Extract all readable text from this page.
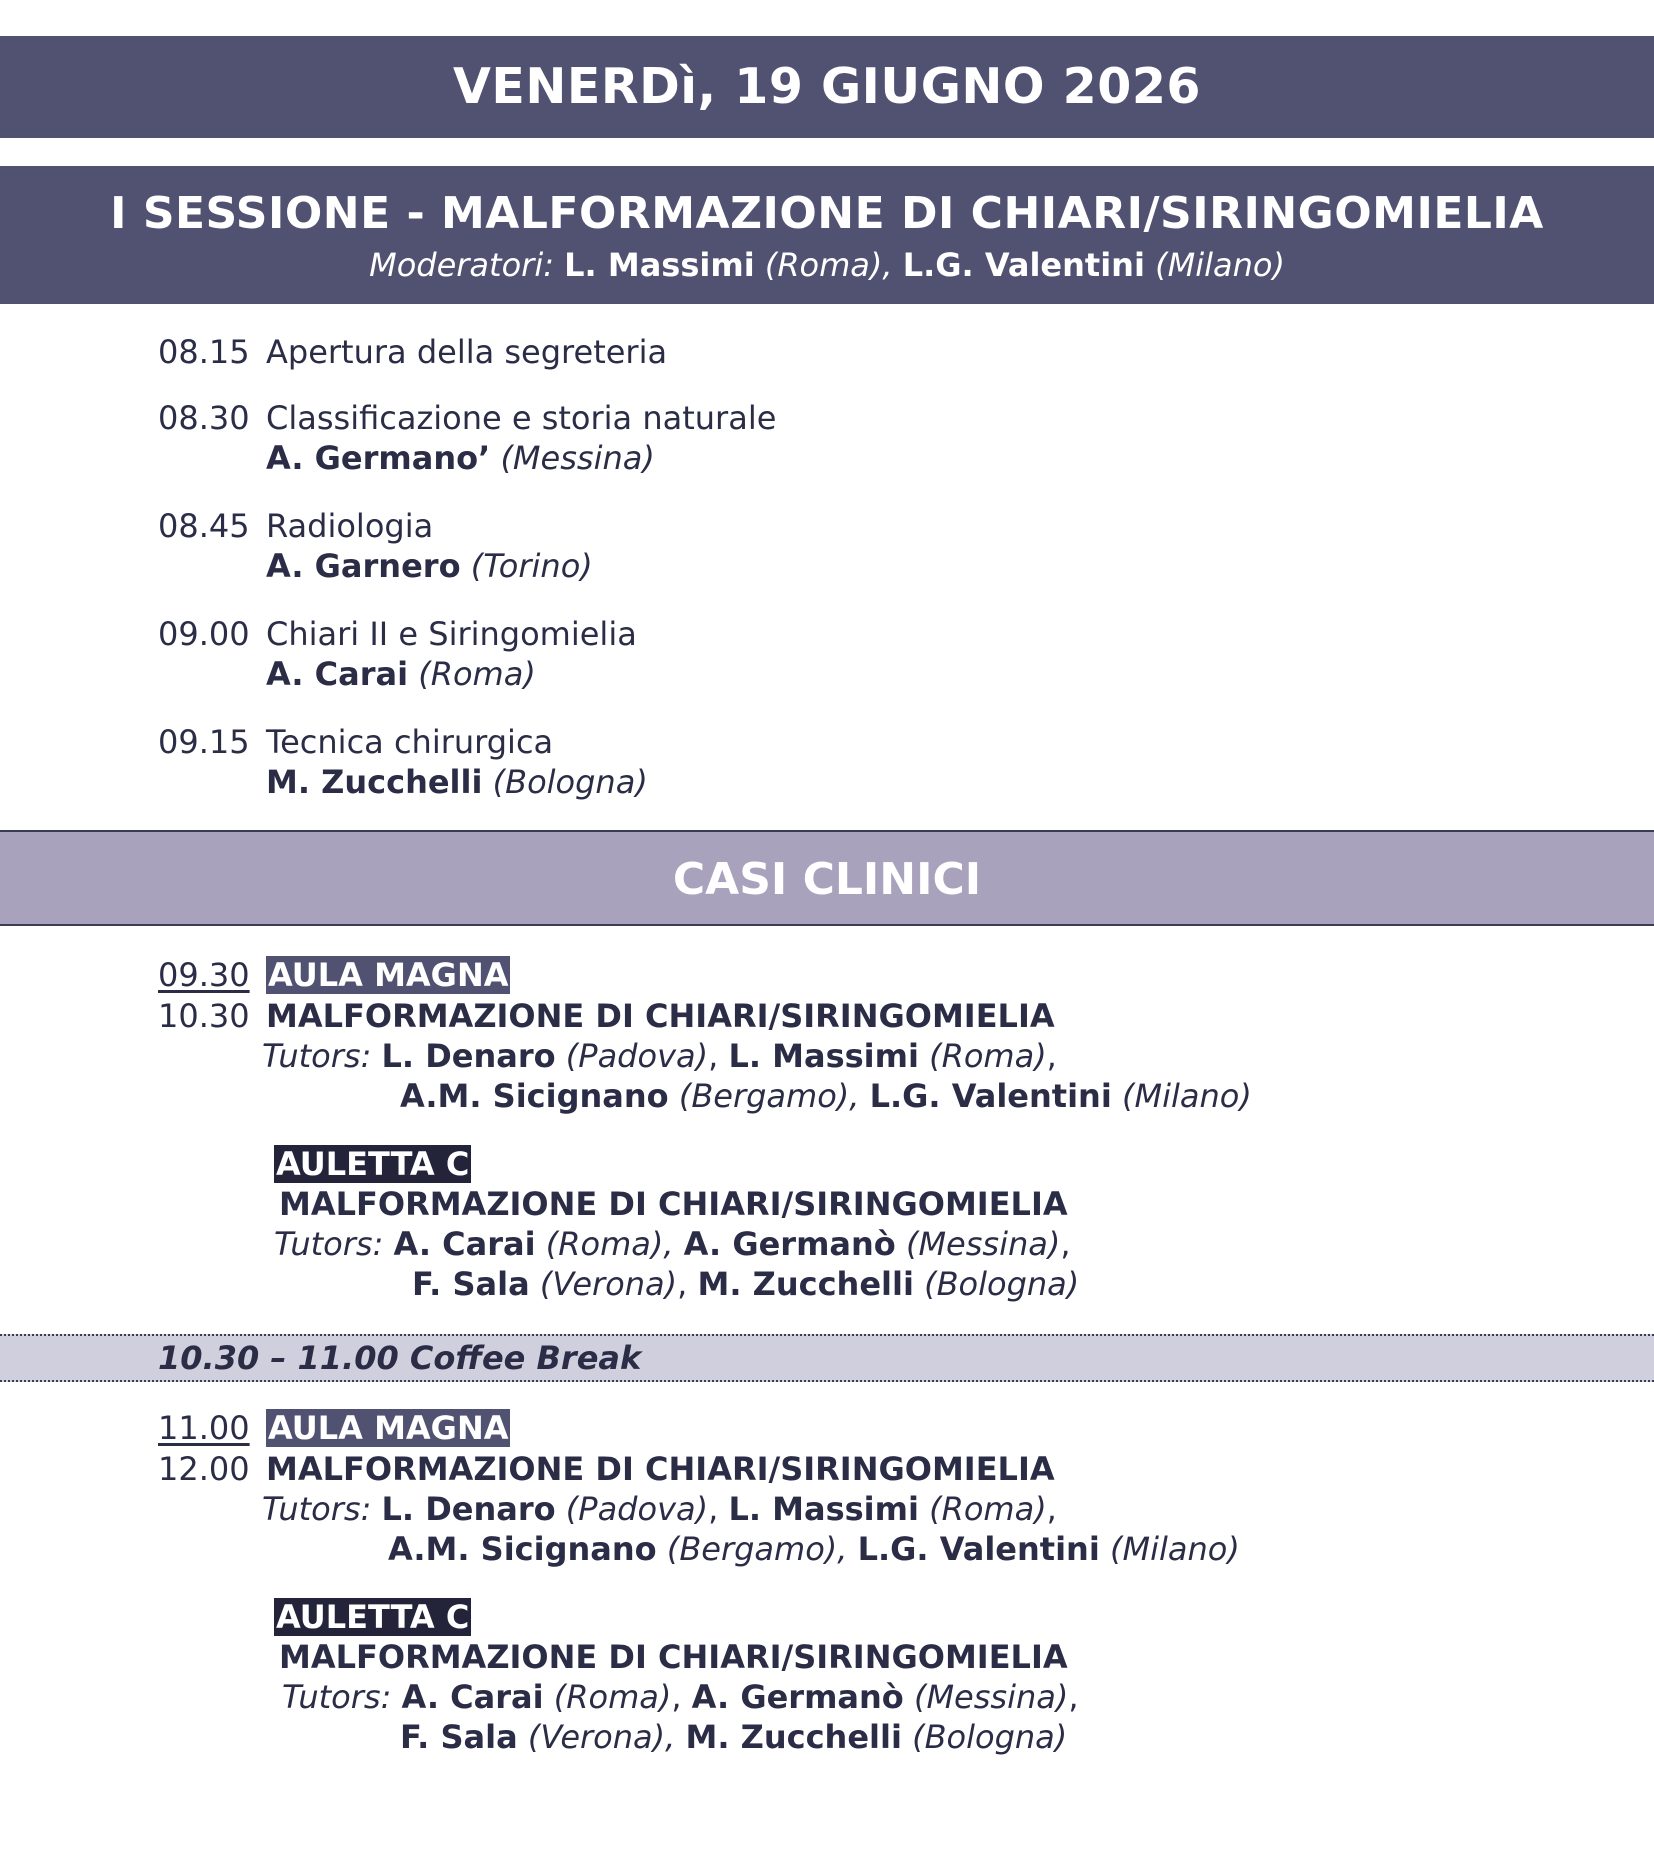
VENERDì, 19 GIUGNO 2026
I SESSIONE - MALFORMAZIONE DI CHIARI/SIRINGOMIELIA
Moderatori: L. Massimi (Roma), L.G. Valentini (Milano)
08.15 Apertura della segreteria
08.30 Classificazione e storia naturale
A. Germano’ (Messina)
08.45 Radiologia
A. Garnero (Torino)
09.00 Chiari II e Siringomielia
A. Carai (Roma)
09.15 Tecnica chirurgica
M. Zucchelli (Bologna)
CASI CLINICI
09.30 AULA MAGNA
10.30 MALFORMAZIONE DI CHIARI/SIRINGOMIELIA
Tutors: L. Denaro (Padova), L. Massimi (Roma),
A.M. Sicignano (Bergamo), L.G. Valentini (Milano)
AULETTA C
MALFORMAZIONE DI CHIARI/SIRINGOMIELIA
Tutors: A. Carai (Roma), A. Germanò (Messina),
F. Sala (Verona), M. Zucchelli (Bologna)
10.30 – 11.00 Coffee Break
11.00 AULA MAGNA
12.00 MALFORMAZIONE DI CHIARI/SIRINGOMIELIA
Tutors: L. Denaro (Padova), L. Massimi (Roma),
A.M. Sicignano (Bergamo), L.G. Valentini (Milano)
AULETTA C
MALFORMAZIONE DI CHIARI/SIRINGOMIELIA
Tutors: A. Carai (Roma), A. Germanò (Messina),
F. Sala (Verona), M. Zucchelli (Bologna)
